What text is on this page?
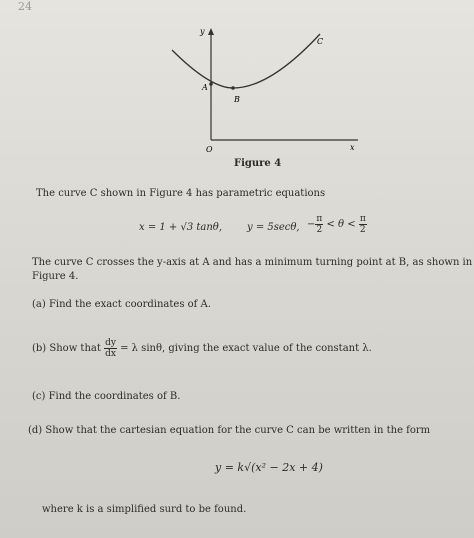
24
y
x
O
C
A
B
Figure 4
The curve C shown in Figure 4 has parametric equations
x = 1 + √3 tanθ, y = 5secθ, − $\frac{\pi}{2} < \theta < \frac{\pi}{2}$
The curve C crosses the y-axis at A and has a minimum turning point at B, as shown in
Figure 4.
(a) Find the exact coordinates of A.
(b) Show that $\frac{dy}{dx} = \lambda$ sinθ, giving the exact value of the constant λ.
(c) Find the coordinates of B.
(d) Show that the cartesian equation for the curve C can be written in the form
y = k√(x² − 2x + 4)
where k is a simplified surd to be found.
